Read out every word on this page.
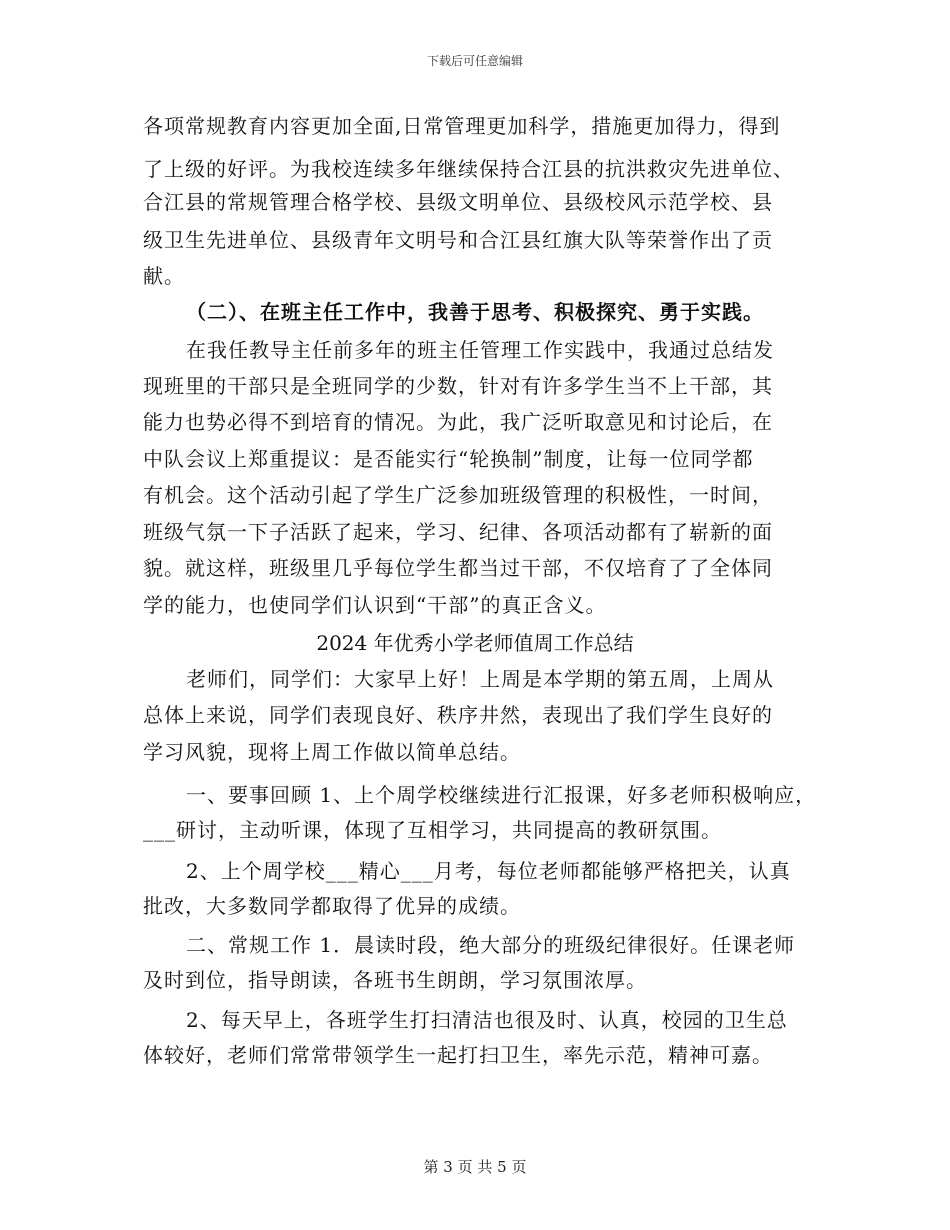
下载后可任意编辑
各项常规教育内容更加全面,日常管理更加科学，措施更加得力，得到
了上级的好评。为我校连续多年继续保持合江县的抗洪救灾先进单位、
合江县的常规管理合格学校、县级文明单位、县级校风示范学校、县
级卫生先进单位、县级青年文明号和合江县红旗大队等荣誉作出了贡
献。
（二）、在班主任工作中，我善于思考、积极探究、勇于实践。
在我任教导主任前多年的班主任管理工作实践中，我通过总结发
现班里的干部只是全班同学的少数，针对有许多学生当不上干部，其
能力也势必得不到培育的情况。为此，我广泛听取意见和讨论后，在
中队会议上郑重提议：是否能实行“轮换制”制度，让每一位同学都
有机会。这个活动引起了学生广泛参加班级管理的积极性，一时间，
班级气氛一下子活跃了起来，学习、纪律、各项活动都有了崭新的面
貌。就这样，班级里几乎每位学生都当过干部，不仅培育了了全体同
学的能力，也使同学们认识到“干部”的真正含义。
2024 年优秀小学老师值周工作总结
老师们，同学们：大家早上好！上周是本学期的第五周，上周从
总体上来说，同学们表现良好、秩序井然，表现出了我们学生良好的
学习风貌，现将上周工作做以简单总结。
一、要事回顾 1、上个周学校继续进行汇报课，好多老师积极响应，
___研讨，主动听课，体现了互相学习，共同提高的教研氛围。
2、上个周学校___精心___月考，每位老师都能够严格把关，认真
批改，大多数同学都取得了优异的成绩。
二、常规工作 1．晨读时段，绝大部分的班级纪律很好。任课老师
及时到位，指导朗读，各班书生朗朗，学习氛围浓厚。
2、每天早上，各班学生打扫清洁也很及时、认真，校园的卫生总
体较好，老师们常常带领学生一起打扫卫生，率先示范，精神可嘉。
第 3 页 共 5 页
